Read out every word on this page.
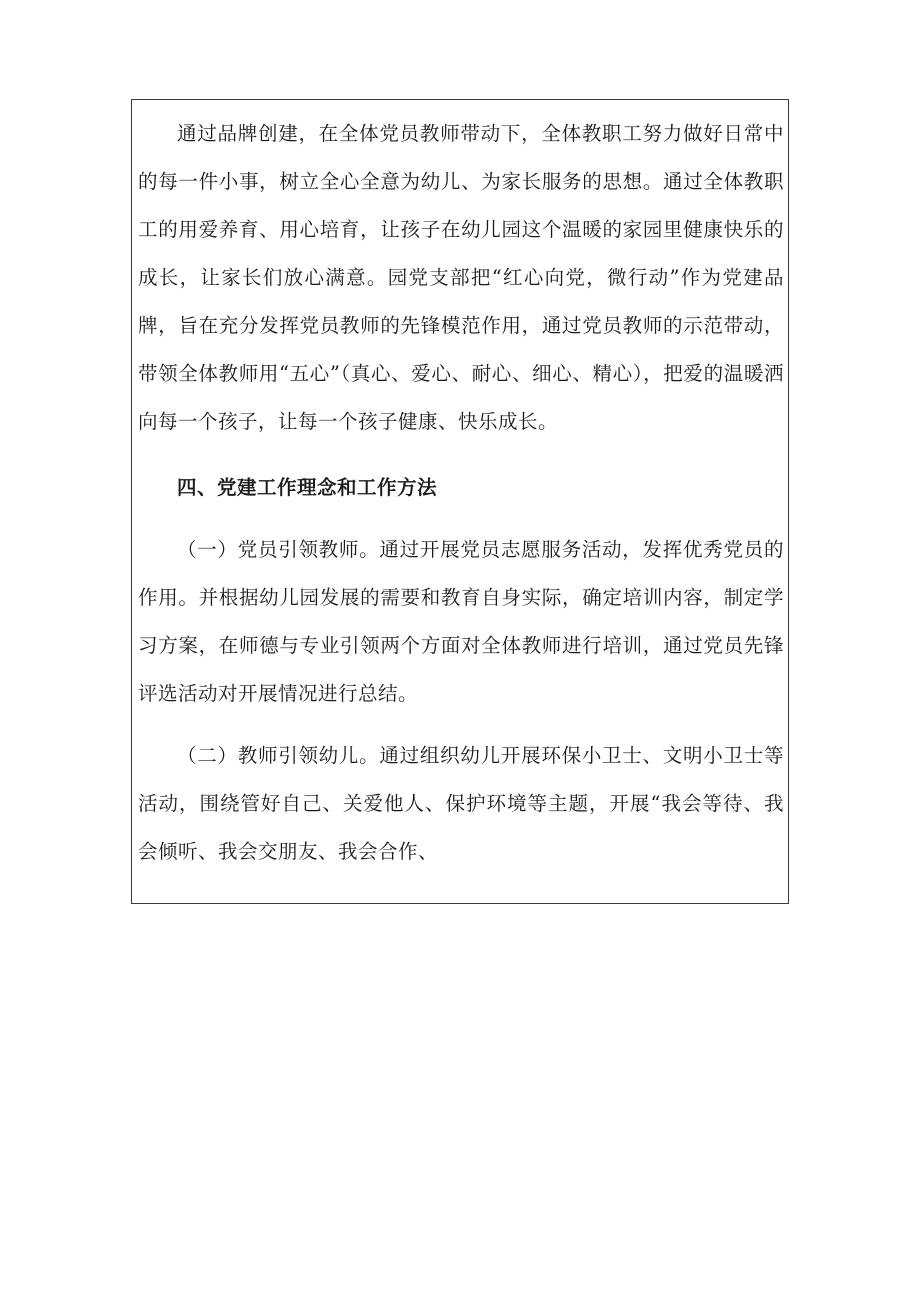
通过品牌创建，在全体党员教师带动下，全体教职工努力做好日常中的每一件小事，树立全心全意为幼儿、为家长服务的思想。通过全体教职工的用爱养育、用心培育，让孩子在幼儿园这个温暖的家园里健康快乐的成长，让家长们放心满意。园党支部把“红心向党，微行动”作为党建品牌，旨在充分发挥党员教师的先锋模范作用，通过党员教师的示范带动，带领全体教师用“五心”（真心、爱心、耐心、细心、精心），把爱的温暖洒向每一个孩子，让每一个孩子健康、快乐成长。

四、党建工作理念和工作方法

（一）党员引领教师。通过开展党员志愿服务活动，发挥优秀党员的作用。并根据幼儿园发展的需要和教育自身实际，确定培训内容，制定学习方案，在师德与专业引领两个方面对全体教师进行培训，通过党员先锋评选活动对开展情况进行总结。

（二）教师引领幼儿。通过组织幼儿开展环保小卫士、文明小卫士等活动，围绕管好自己、关爱他人、保护环境等主题，开展“我会等待、我会倾听、我会交朋友、我会合作、
